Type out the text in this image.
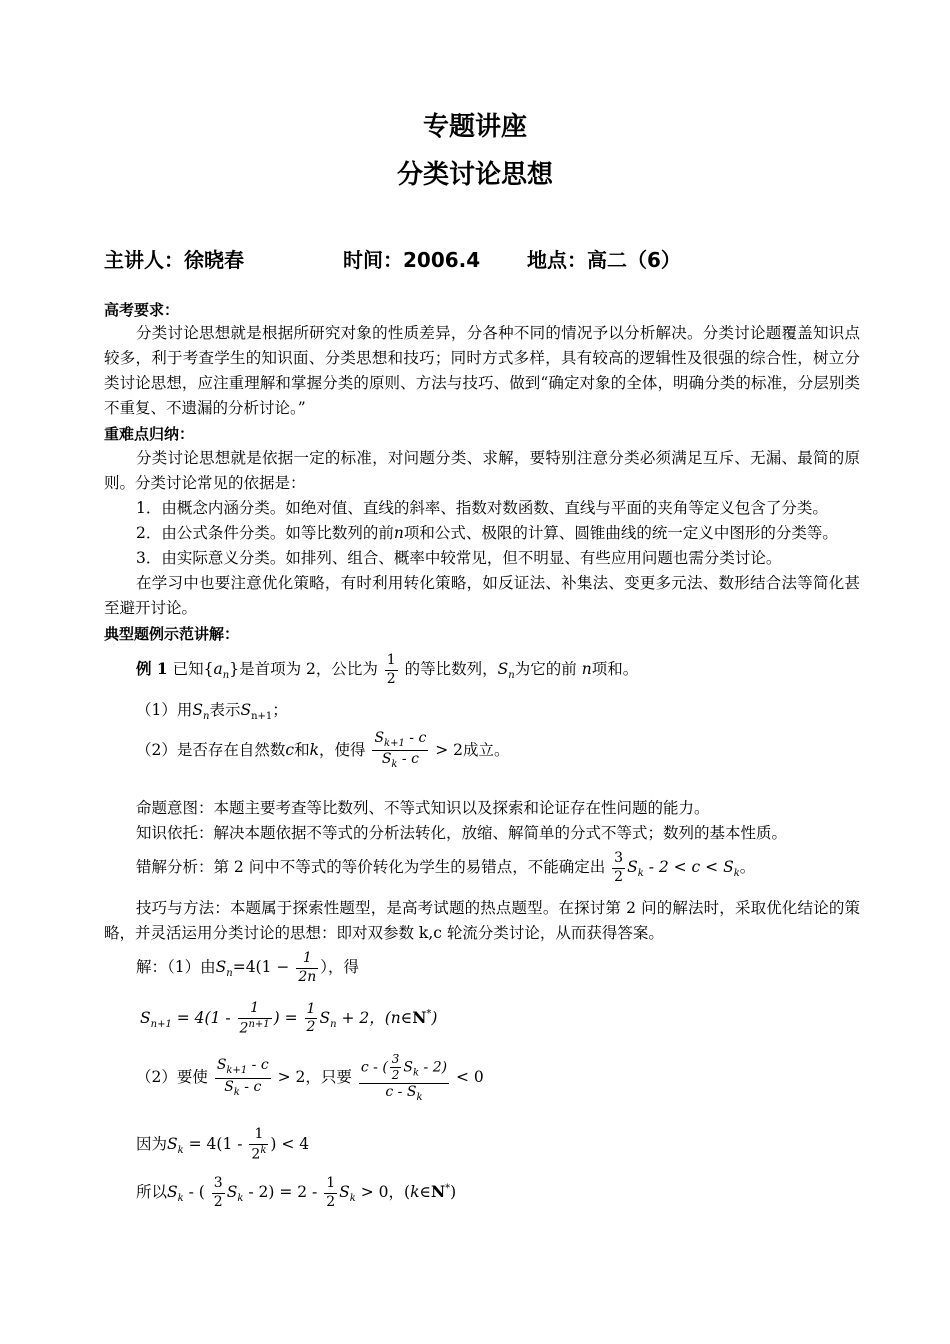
专题讲座
分类讨论思想
主讲人：徐晓春	时间：2006.4 地点：高二（6）
高考要求：

分类讨论思想就是根据所研究对象的性质差异，分各种不同的情况予以分析解决。分类讨论题覆盖知识点较多，利于考查学生的知识面、分类思想和技巧；同时方式多样，具有较高的逻辑性及很强的综合性，树立分类讨论思想，应注重理解和掌握分类的原则、方法与技巧、做到“确定对象的全体，明确分类的标准，分层别类不重复、不遗漏的分析讨论。”

重难点归纳：

分类讨论思想就是依据一定的标准，对问题分类、求解，要特别注意分类必须满足互斥、无漏、最简的原则。分类讨论常见的依据是：

1．由概念内涵分类。如绝对值、直线的斜率、指数对数函数、直线与平面的夹角等定义包含了分类。
2．由公式条件分类。如等比数列的前n项和公式、极限的计算、圆锥曲线的统一定义中图形的分类等。
3．由实际意义分类。如排列、组合、概率中较常见，但不明显、有些应用问题也需分类讨论。

在学习中也要注意优化策略，有时利用转化策略，如反证法、补集法、变更多元法、数形结合法等简化甚至避开讨论。

典型题例示范讲解：
例 1 已知$\{a_n\}$是首项为 2，公比为 $\frac{1}{2}$ 的等比数列，$S_n$为它的前 n项和。
（1）用$S_n$表示$S_{n+1}$；
（2）是否存在自然数c和k，使得 $\frac{S_{k+1} - c}{S_k - c} > 2$成立。
命题意图：本题主要考查等比数列、不等式知识以及探索和论证存在性问题的能力。
知识依托：解决本题依据不等式的分析法转化，放缩、解简单的分式不等式；数列的基本性质。
错解分析：第 2 问中不等式的等价转化为学生的易错点，不能确定出 $\frac{3}{2} S_k - 2 < c < S_k$。

技巧与方法：本题属于探索性题型，是高考试题的热点题型。在探讨第 2 问的解法时，采取优化结论的策略，并灵活运用分类讨论的思想：即对双参数 k,c 轮流分类讨论，从而获得答案。

解：（1）由$S_n=4(1 - \frac{1}{2n}$ ），得
$S_{n+1} = 4(1 - \frac{1}{2^{n+1}}$ ) = $\frac{1}{2} S_n + 2$，(n∈N*)
（2）要使 $\frac{S_{k+1} - c}{S_k - c} > 2$，只要 $\frac{c - ( \frac{3}{2} S_k - 2)}{c - S_k} < 0$
因为$S_k = 4(1 - \frac{1}{2^k}$ ) < 4
所以$S_k$ - ( $\frac{3}{2} S_k - 2) = 2 - \frac{1}{2} S_k > 0$，(k∈N*)
